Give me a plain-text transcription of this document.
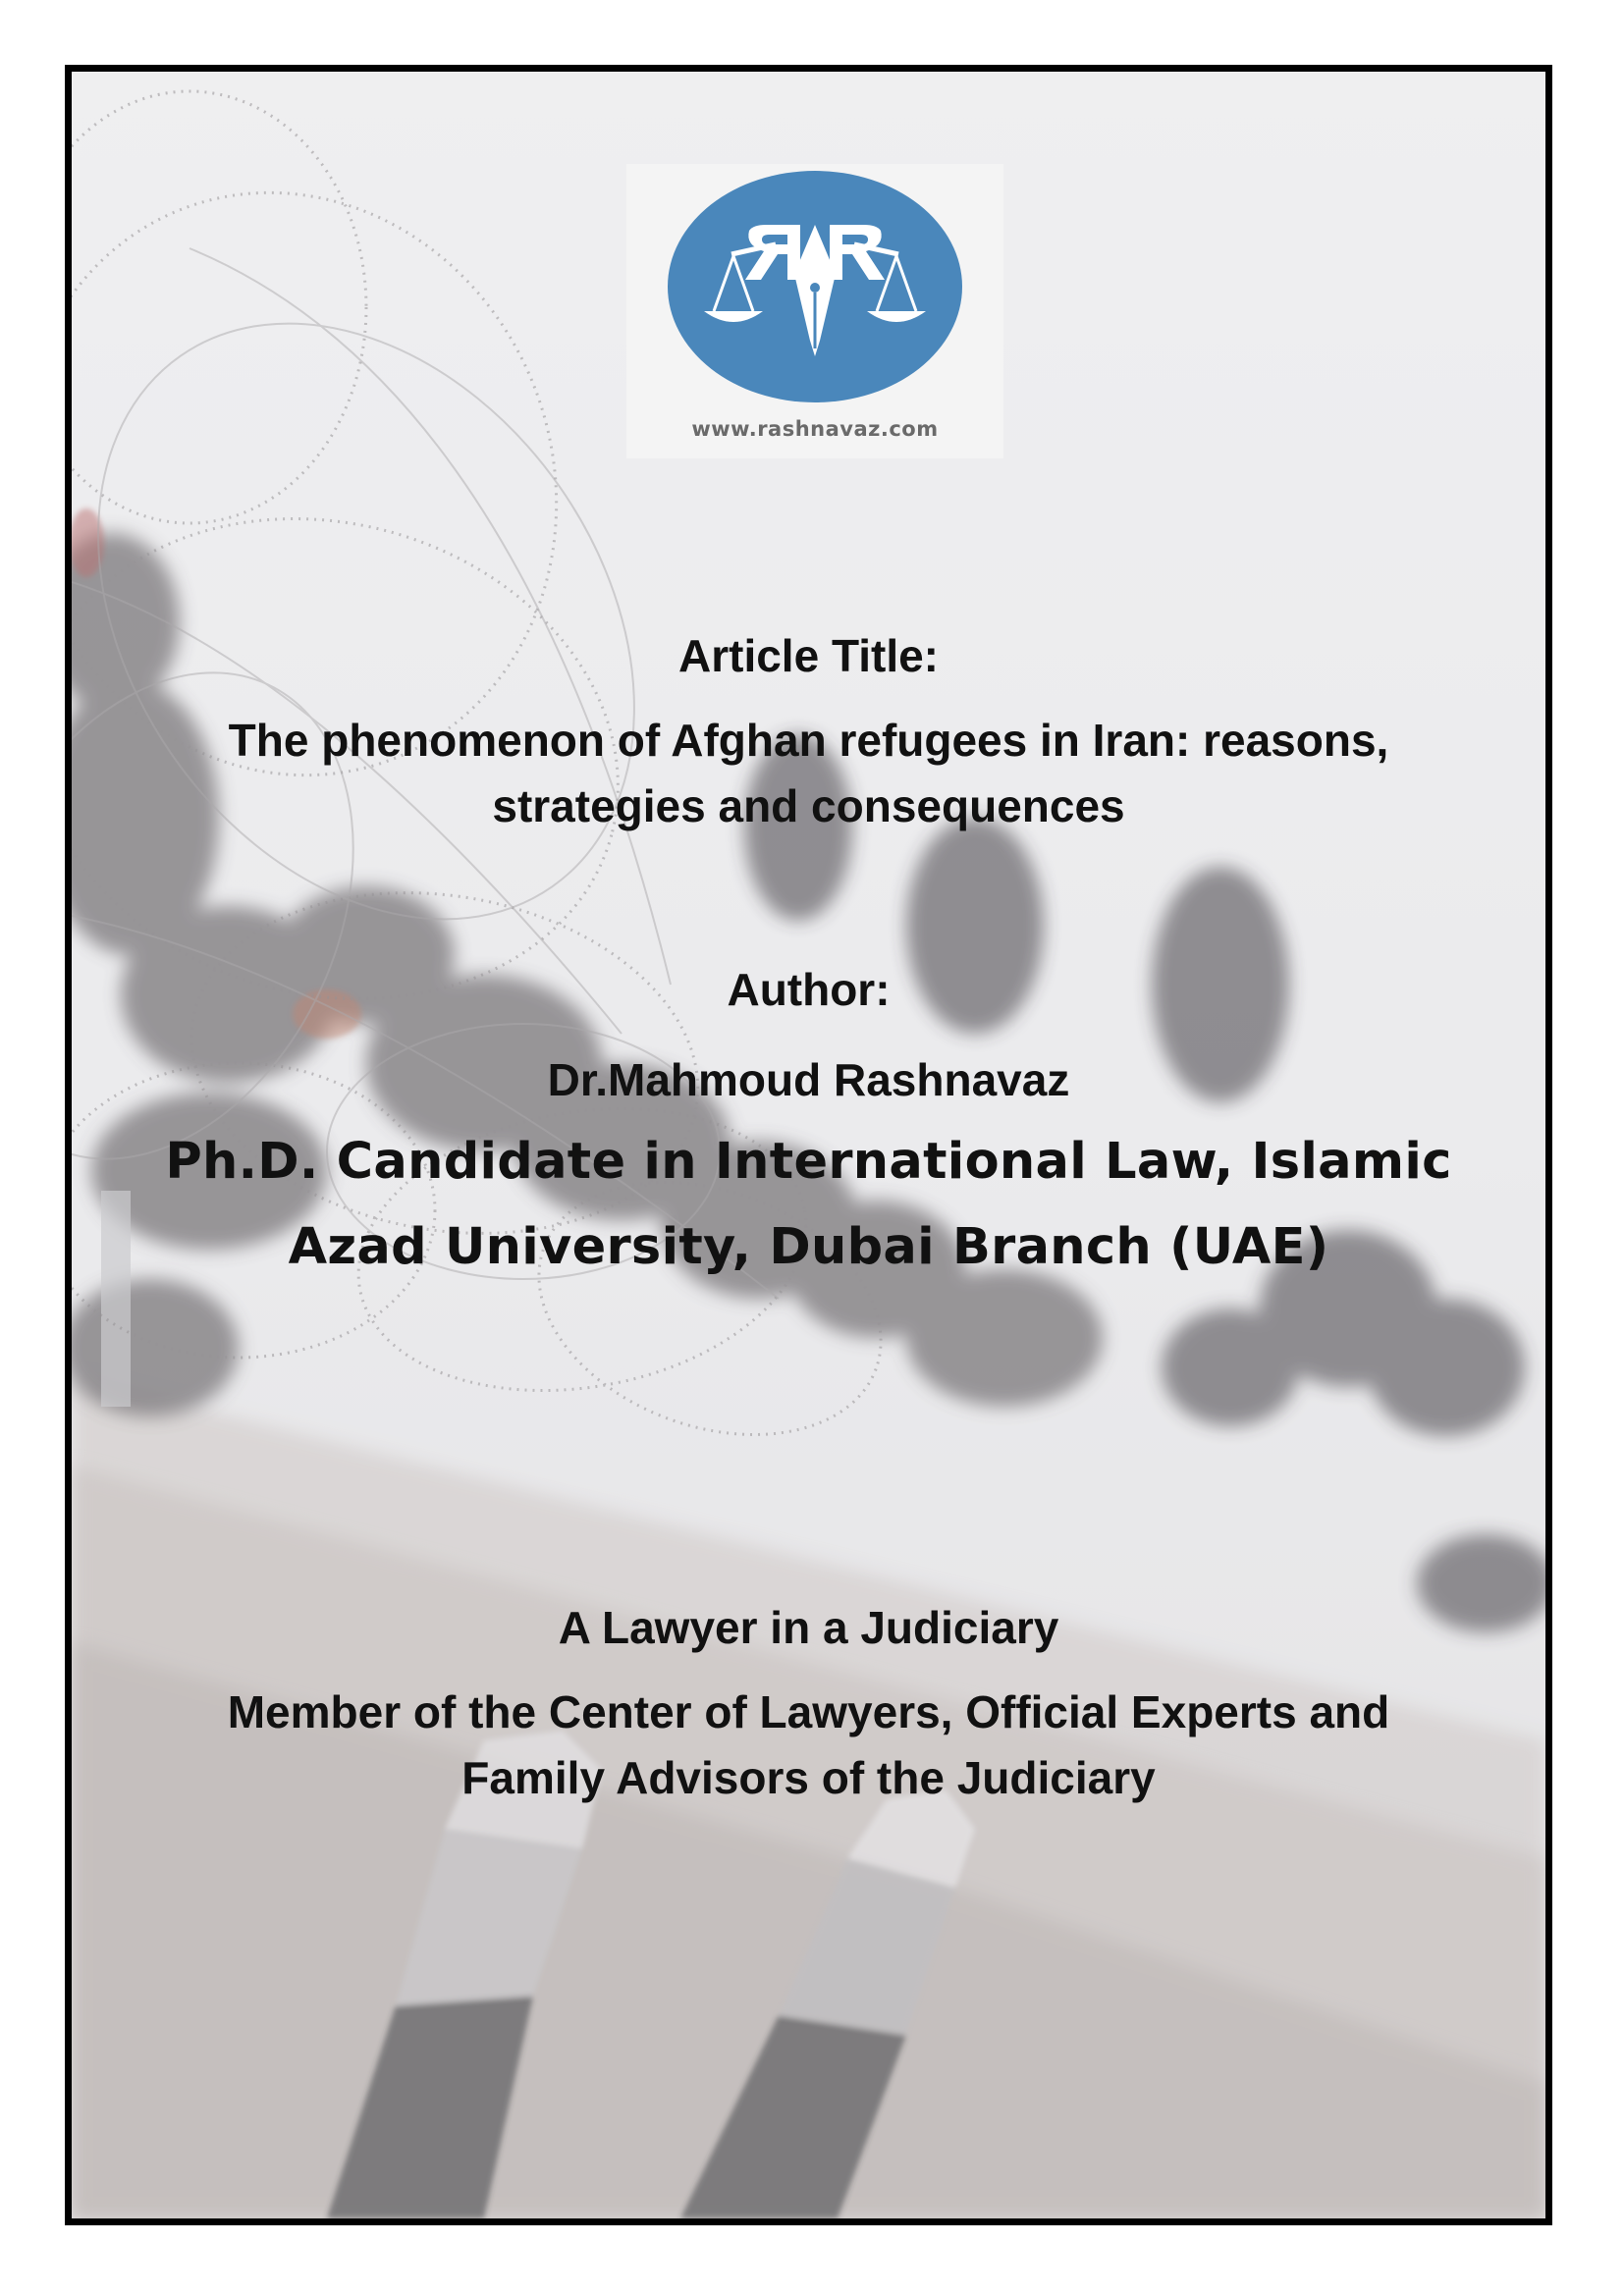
www.rashnavaz.com
Article Title:
The phenomenon of Afghan refugees in Iran: reasons,
strategies and consequences
Author:
Dr.Mahmoud Rashnavaz
Ph.D. Candidate in International Law, Islamic
Azad University, Dubai Branch (UAE)
A Lawyer in a Judiciary
Member of the Center of Lawyers, Official Experts and
Family Advisors of the Judiciary
